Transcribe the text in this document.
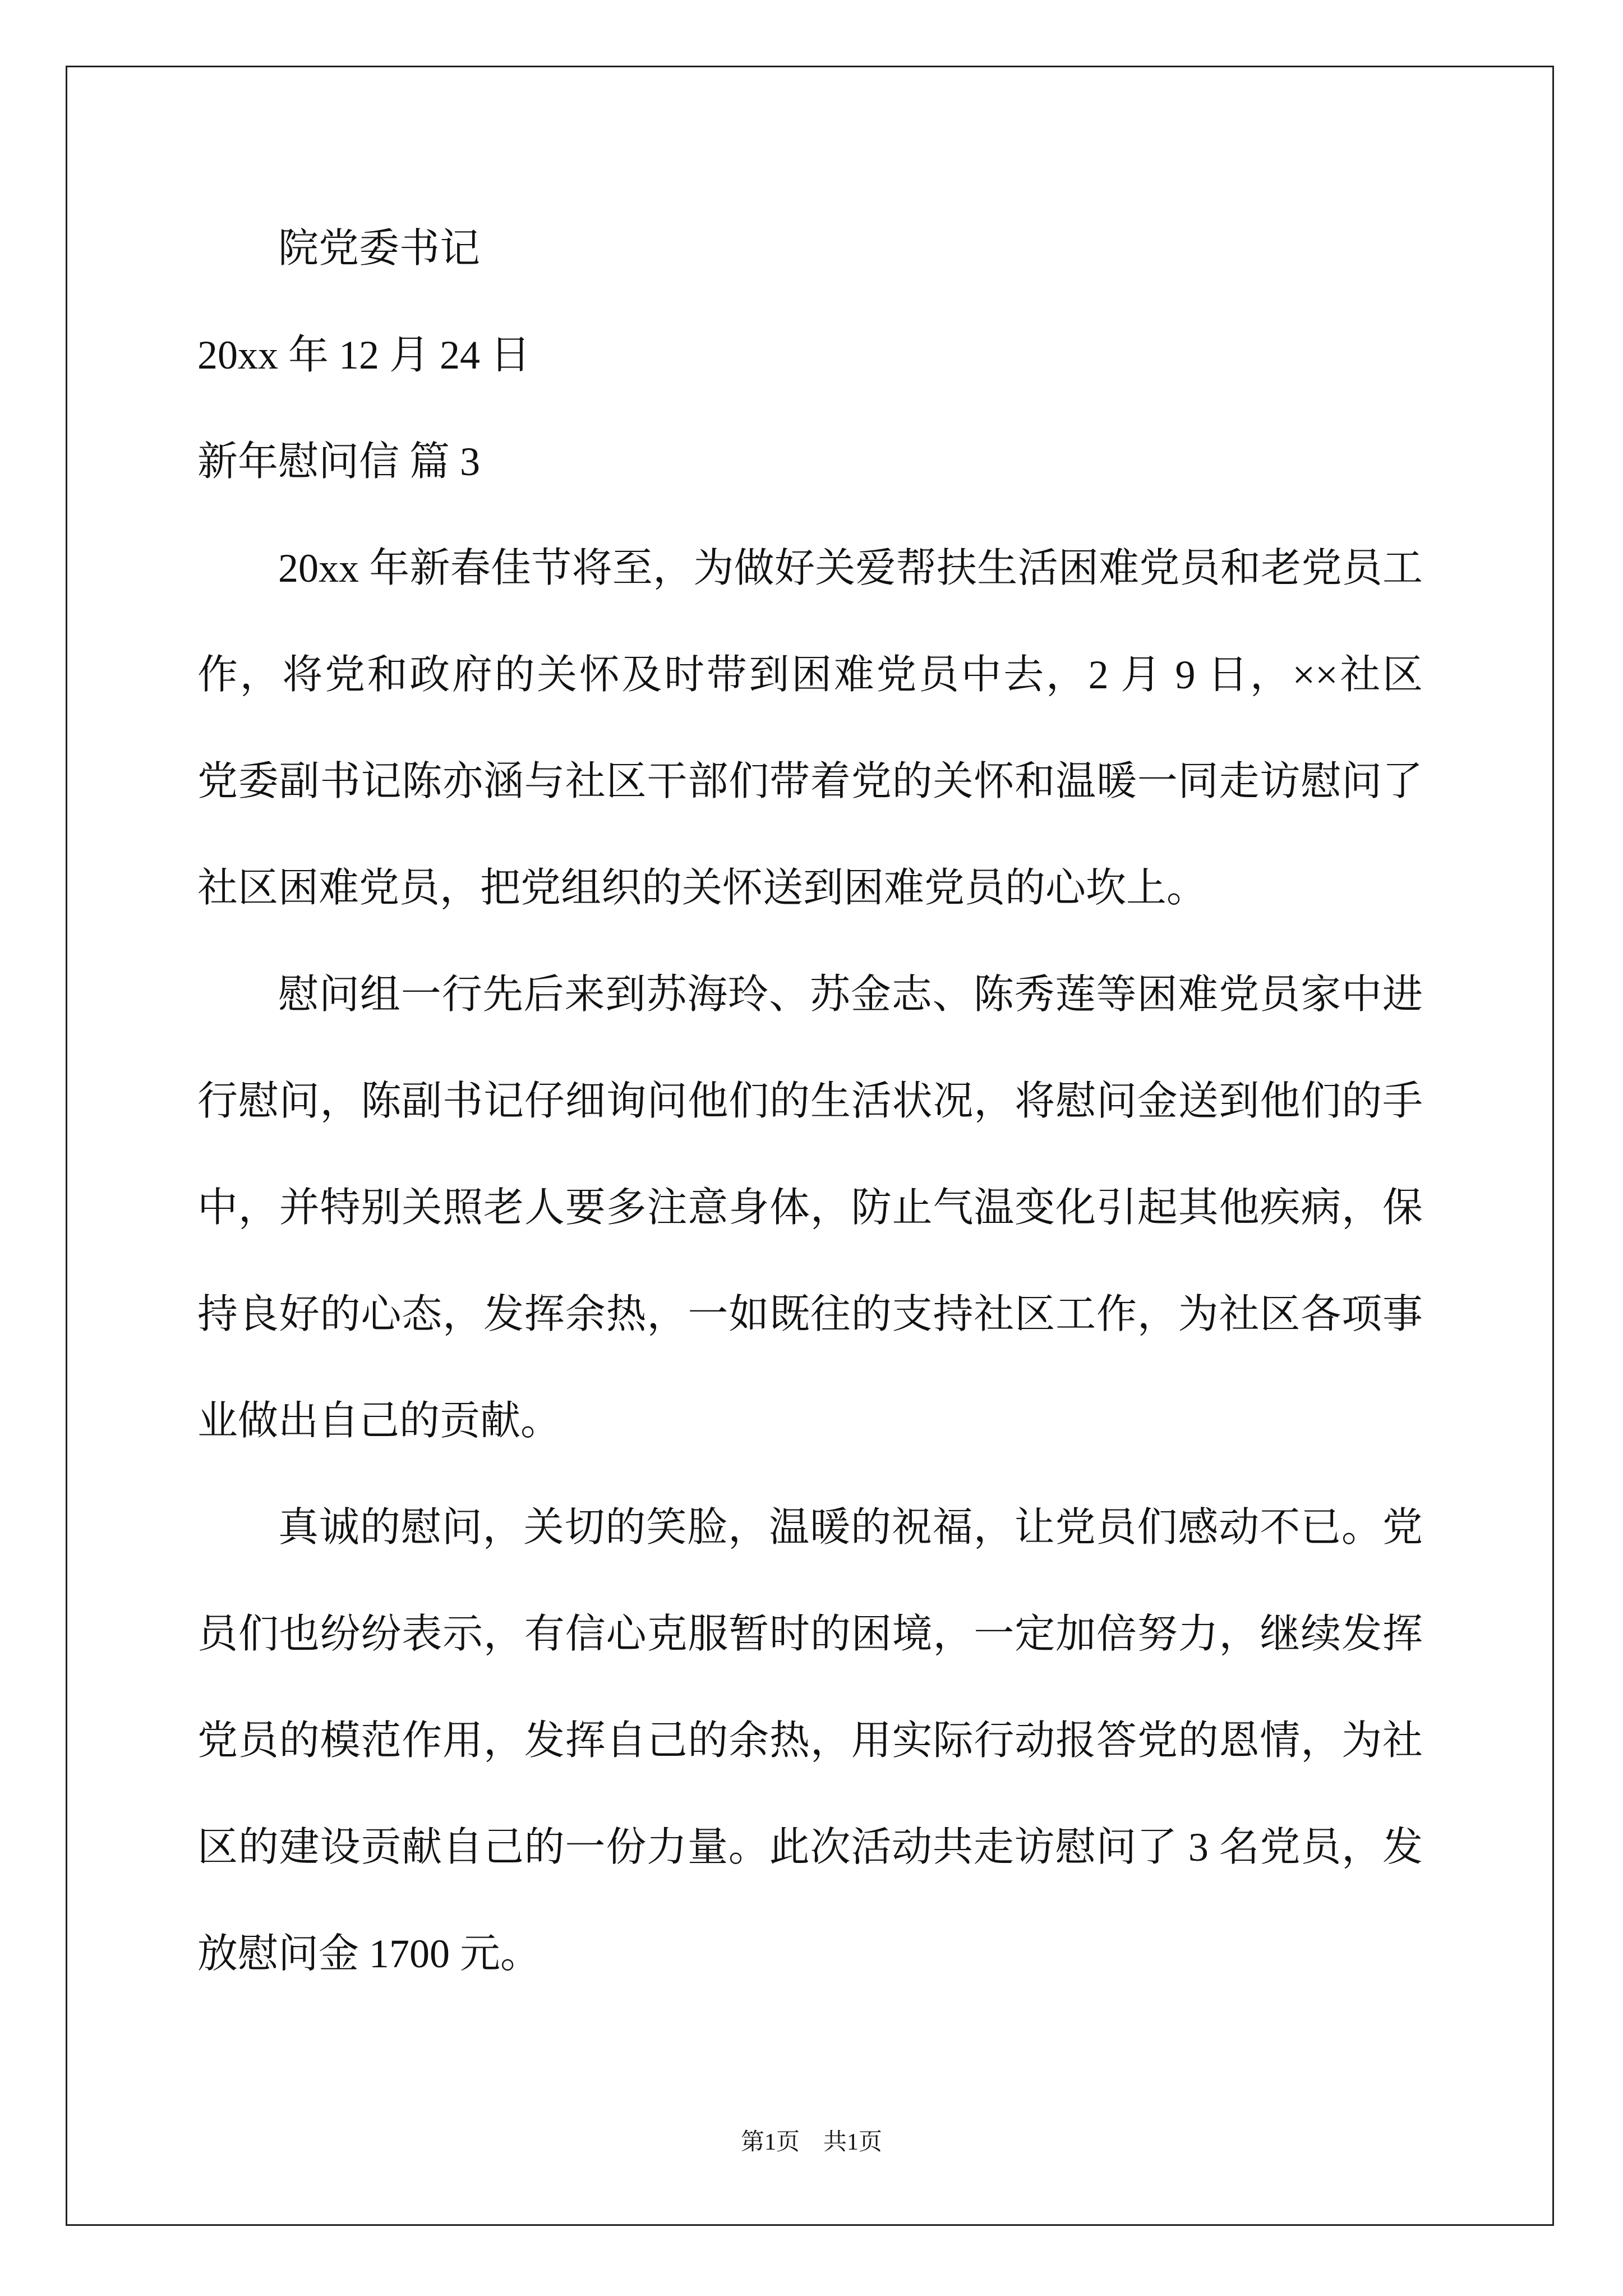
院党委书记
20xx 年 12 月 24 日
新年慰问信 篇 3
20xx 年新春佳节将至，为做好关爱帮扶生活困难党员和老党员工
作，将党和政府的关怀及时带到困难党员中去，2 月 9 日，××社区
党委副书记陈亦涵与社区干部们带着党的关怀和温暖一同走访慰问了
社区困难党员，把党组织的关怀送到困难党员的心坎上。
慰问组一行先后来到苏海玲、苏金志、陈秀莲等困难党员家中进
行慰问，陈副书记仔细询问他们的生活状况，将慰问金送到他们的手
中，并特别关照老人要多注意身体，防止气温变化引起其他疾病，保
持良好的心态，发挥余热，一如既往的支持社区工作，为社区各项事
业做出自己的贡献。
真诚的慰问，关切的笑脸，温暖的祝福，让党员们感动不已。党
员们也纷纷表示，有信心克服暂时的困境，一定加倍努力，继续发挥
党员的模范作用，发挥自己的余热，用实际行动报答党的恩情，为社
区的建设贡献自己的一份力量。此次活动共走访慰问了 3 名党员，发
放慰问金 1700 元。
第1页　共1页
